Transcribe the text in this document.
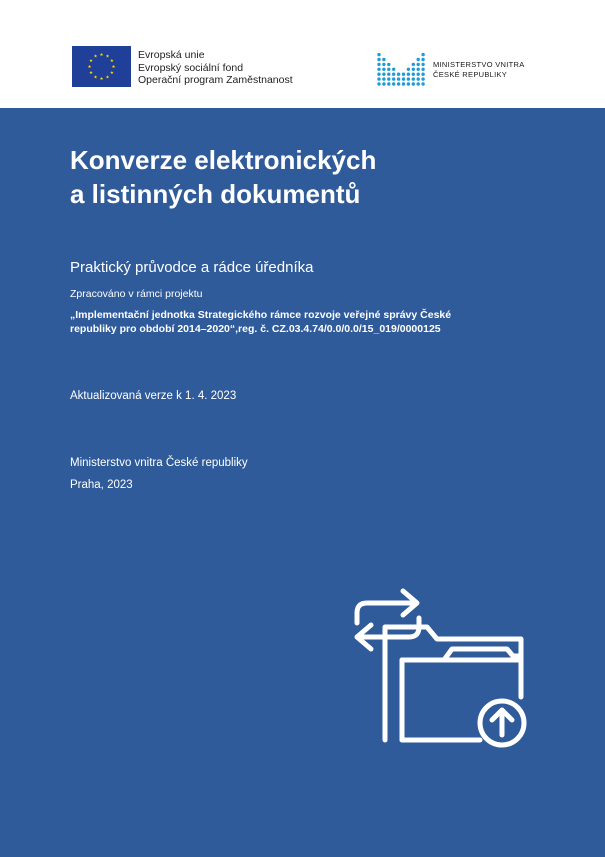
★ ★
★
★
★
★
★
★
★
★
★
★	Evropská unie
Evropský sociální fond
Operační program Zaměstnanost
MINISTERSTVO VNITRA
ČESKÉ REPUBLIKY
Konverze elektronických
a listinných dokumentů
Praktický průvodce a rádce úředníka
Zpracováno v rámci projektu
„Implementační jednotka Strategického rámce rozvoje veřejné správy České
republiky pro období 2014–2020“,reg. č. CZ.03.4.74/0.0/0.0/15_019/0000125
Aktualizovaná verze k 1. 4. 2023
Ministerstvo vnitra České republiky
Praha, 2023
